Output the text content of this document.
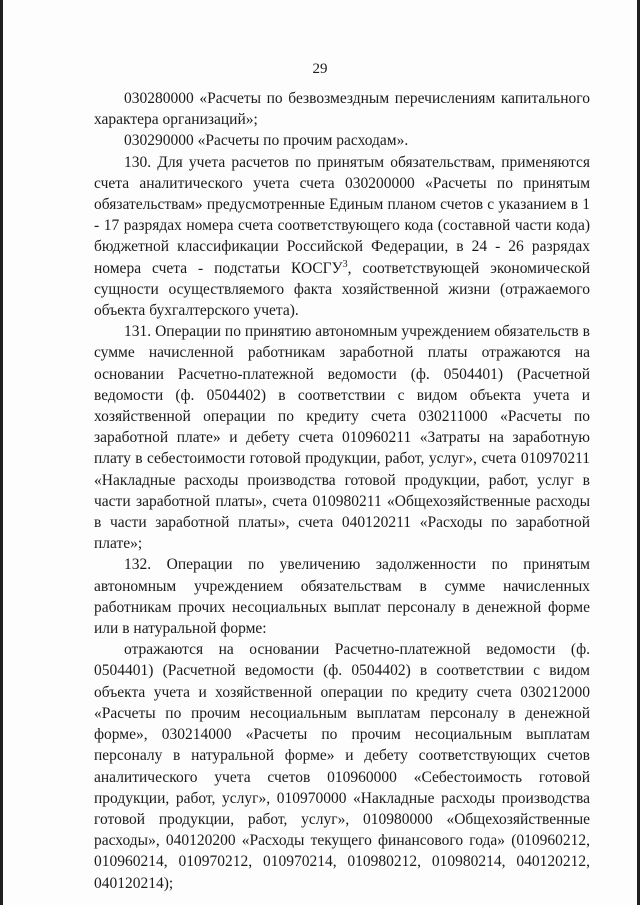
29

030280000 «Расчеты по безвозмездным перечислениям капитального характера организаций»;

030290000 «Расчеты по прочим расходам».

130. Для учета расчетов по принятым обязательствам, применяются счета аналитического учета счета 030200000 «Расчеты по принятым обязательствам» предусмотренные Единым планом счетов с указанием в 1 - 17 разрядах номера счета соответствующего кода (составной части кода) бюджетной классификации Российской Федерации, в 24 - 26 разрядах номера счета - подстатьи КОСГУ$^3$, соответствующей экономической сущности осуществляемого факта хозяйственной жизни (отражаемого объекта бухгалтерского учета).

131. Операции по принятию автономным учреждением обязательств в сумме начисленной работникам заработной платы отражаются на основании Расчетно-платежной ведомости (ф. 0504401) (Расчетной ведомости (ф. 0504402) в соответствии с видом объекта учета и хозяйственной операции по кредиту счета 030211000 «Расчеты по заработной плате» и дебету счета 010960211 «Затраты на заработную плату в себестоимости готовой продукции, работ, услуг», счета 010970211 «Накладные расходы производства готовой продукции, работ, услуг в части заработной платы», счета 010980211 «Общехозяйственные расходы в части заработной платы», счета 040120211 «Расходы по заработной плате»;

132. Операции по увеличению задолженности по принятым автономным учреждением обязательствам в сумме начисленных работникам прочих несоциальных выплат персоналу в денежной форме или в натуральной форме:

отражаются на основании Расчетно-платежной ведомости (ф. 0504401) (Расчетной ведомости (ф. 0504402) в соответствии с видом объекта учета и хозяйственной операции по кредиту счета 030212000 «Расчеты по прочим несоциальным выплатам персоналу в денежной форме», 030214000 «Расчеты по прочим несоциальным выплатам персоналу в натуральной форме» и дебету соответствующих счетов аналитического учета счетов 010960000 «Себестоимость готовой продукции, работ, услуг», 010970000 «Накладные расходы производства готовой продукции, работ, услуг», 010980000 «Общехозяйственные расходы», 040120200 «Расходы текущего финансового года» (010960212, 010960214, 010970212, 010970214, 010980212, 010980214, 040120212, 040120214);
